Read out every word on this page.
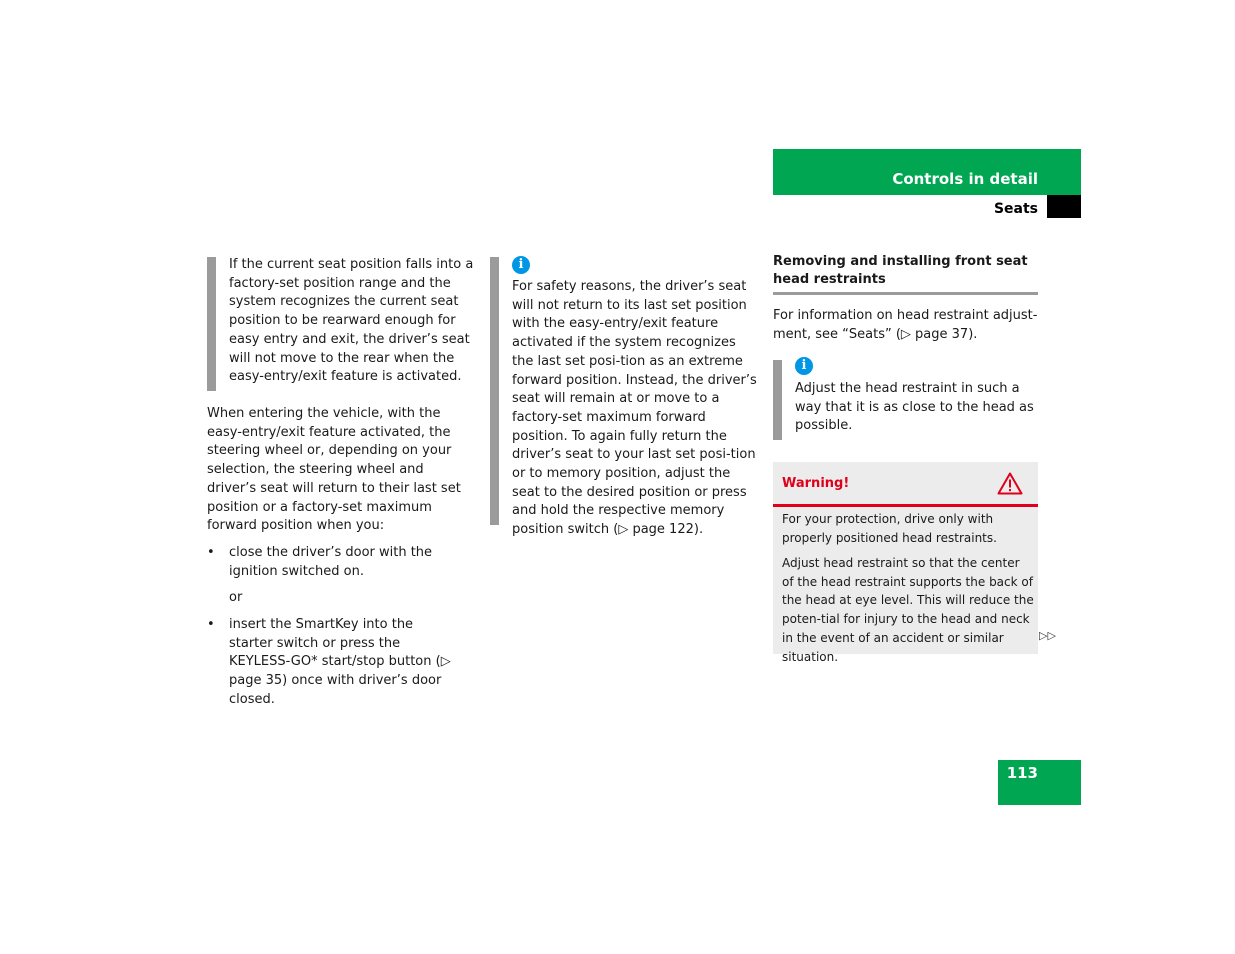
Controls in detail
Seats
If the current seat position falls into a factory-set position range and the system recognizes the current seat position to be rearward enough for easy entry and exit, the driver’s seat will not move to the rear when the easy-entry/exit feature is activated.
When entering the vehicle, with the easy-entry/exit feature activated, the steering wheel or, depending on your selection, the steering wheel and driver’s seat will return to their last set position or a factory-set maximum forward position when you:
• close the driver’s door with the ignition switched on.
or
• insert the SmartKey into the starter switch or press the KEYLESS-GO* start/stop button (▷ page 35) once with driver’s door closed.
i
For safety reasons, the driver’s seat will not return to its last set position with the easy-entry/exit feature activated if the system recognizes the last set posi-tion as an extreme forward position. Instead, the driver’s seat will remain at or move to a factory-set maximum forward position. To again fully return the driver’s seat to your last set posi-tion or to memory position, adjust the seat to the desired position or press and hold the respective memory position switch (▷ page 122).
Removing and installing front seat head restraints
For information on head restraint adjust-ment, see “Seats” (▷ page 37).
i
Adjust the head restraint in such a way that it is as close to the head as possible.
Warning!
For your protection, drive only with properly positioned head restraints.
Adjust head restraint so that the center of the head restraint supports the back of the head at eye level. This will reduce the poten-tial for injury to the head and neck in the event of an accident or similar situation.
▷▷
113
